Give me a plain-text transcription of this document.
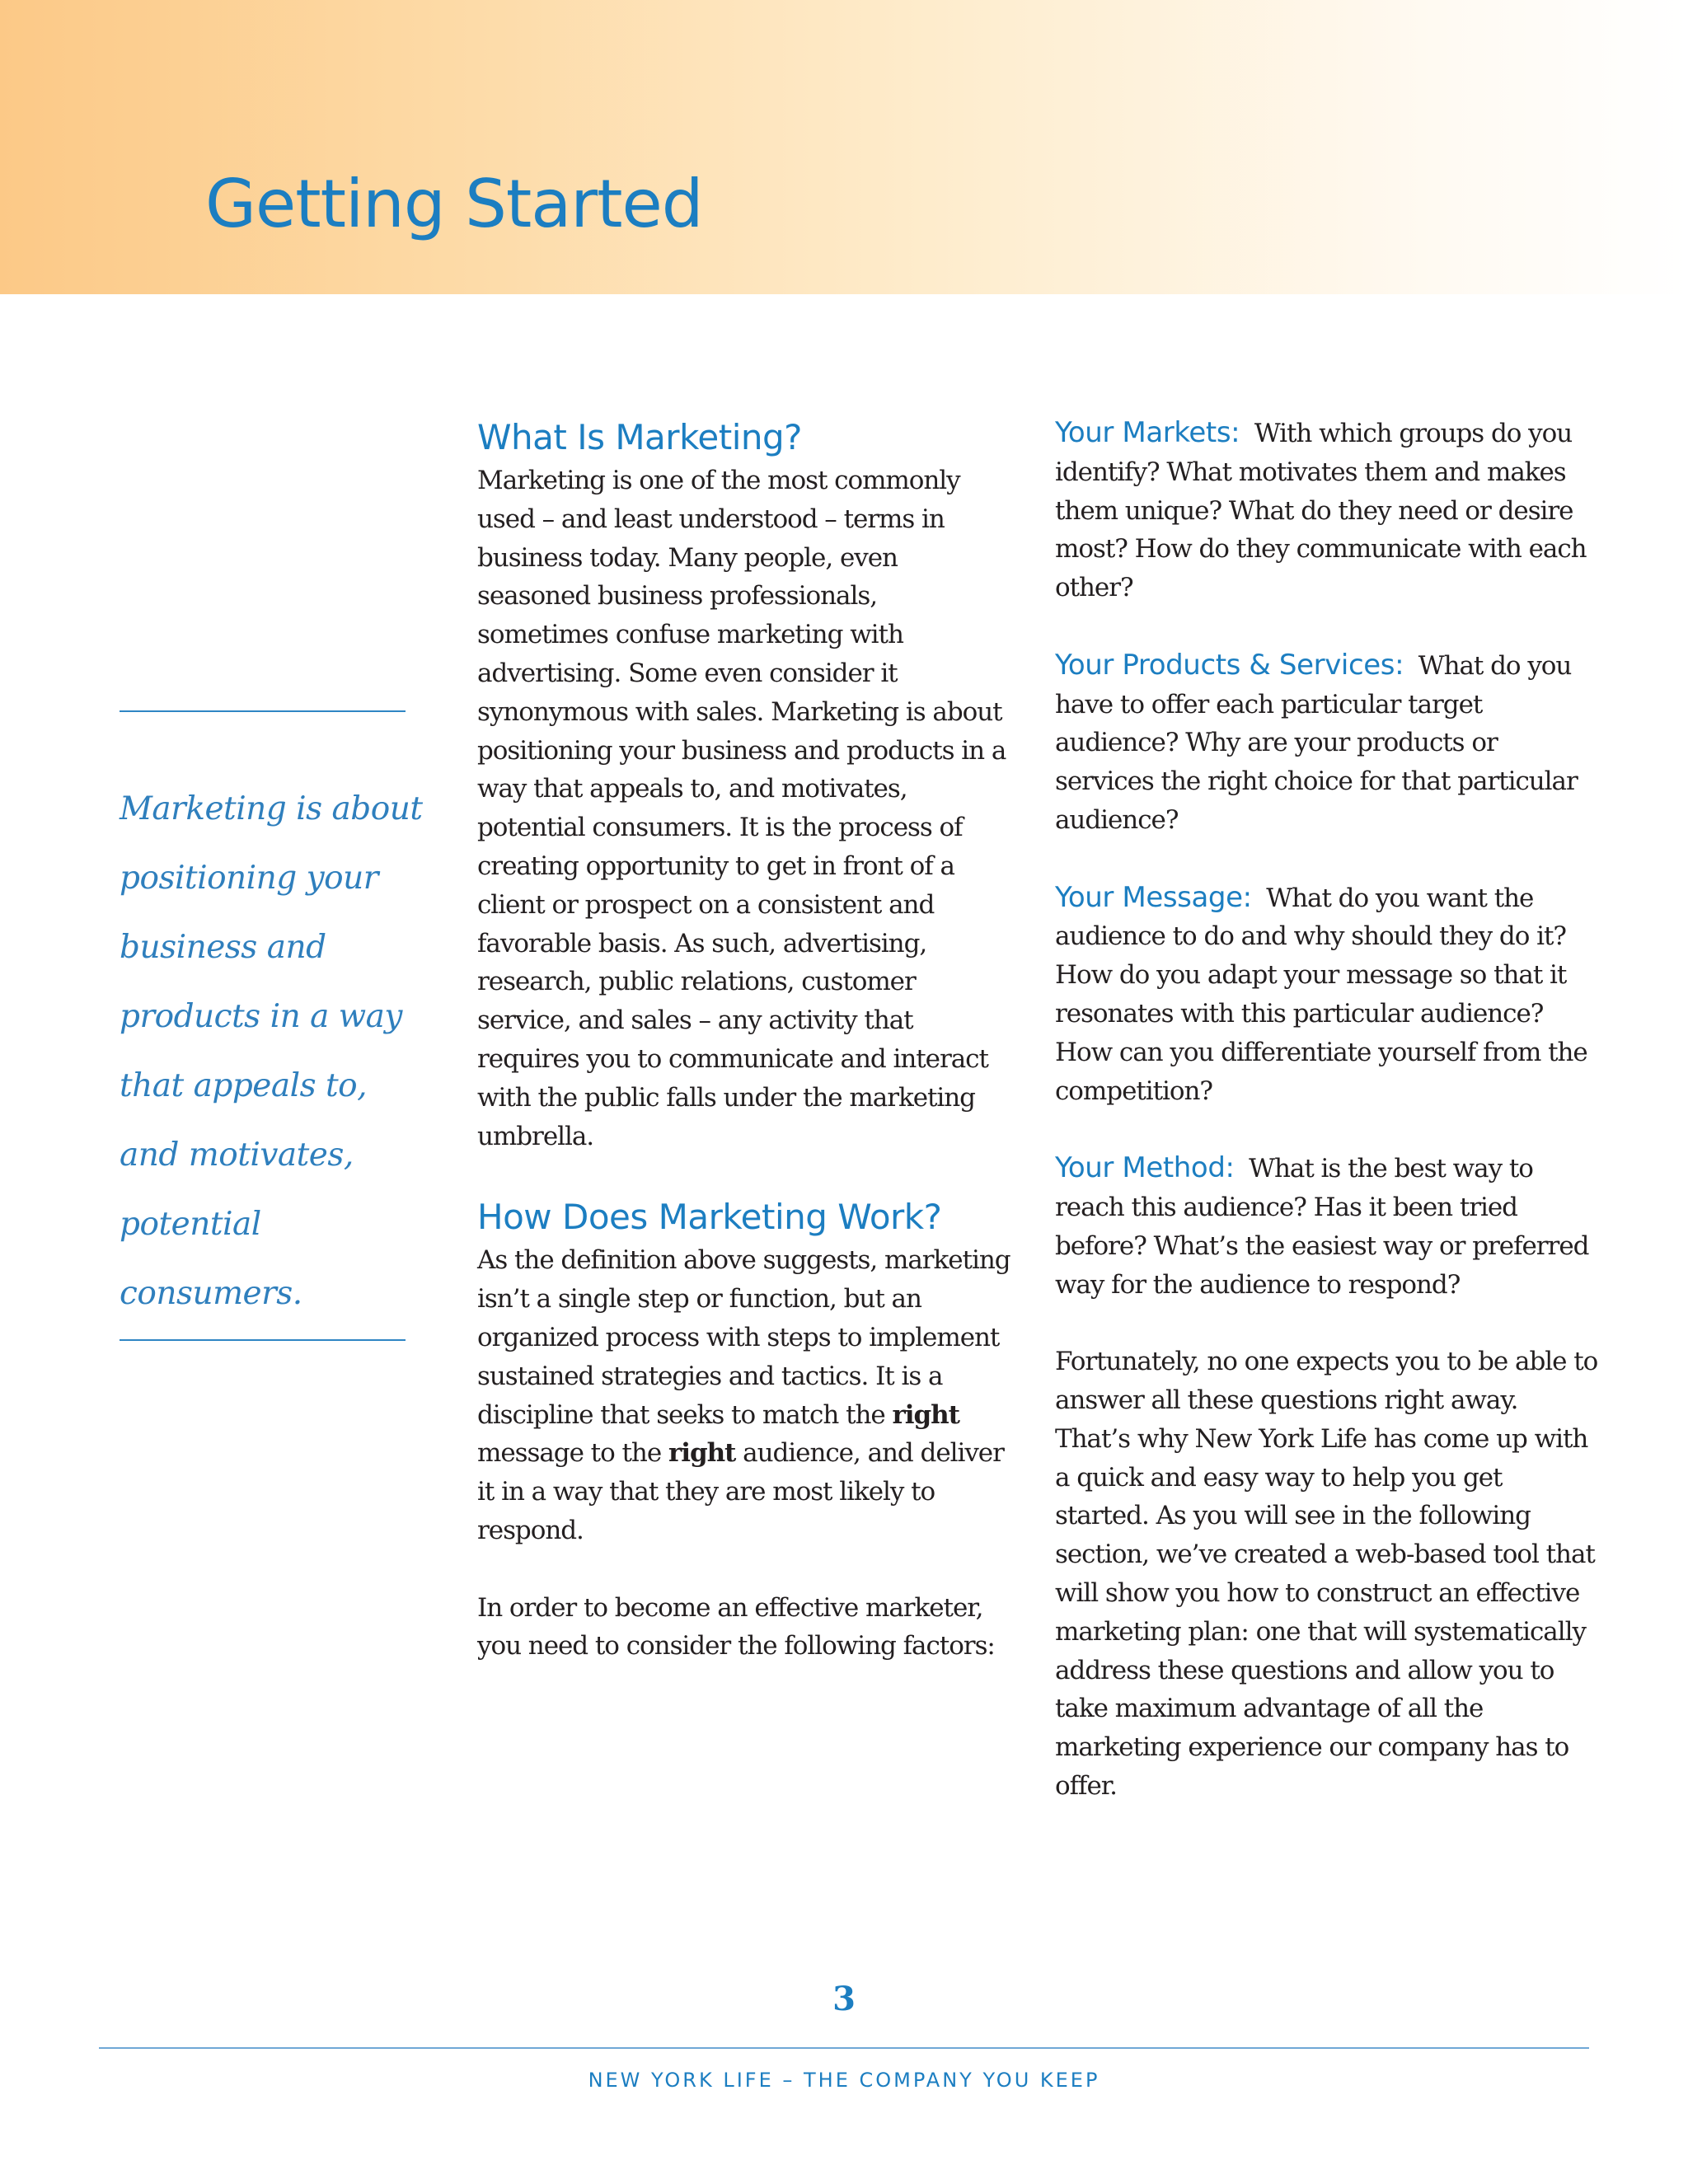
Getting Started

Marketing is about positioning your business and products in a way that appeals to, and motivates, potential consumers.

What Is Marketing?

Marketing is one of the most commonly used – and least understood – terms in business today. Many people, even seasoned business professionals, sometimes confuse marketing with advertising. Some even consider it synonymous with sales. Marketing is about positioning your business and products in a way that appeals to, and motivates, potential consumers. It is the process of creating opportunity to get in front of a client or prospect on a consistent and favorable basis. As such, advertising, research, public relations, customer service, and sales – any activity that requires you to communicate and interact with the public falls under the marketing umbrella.

How Does Marketing Work?

As the definition above suggests, marketing isn’t a single step or function, but an organized process with steps to implement sustained strategies and tactics. It is a discipline that seeks to match the right message to the right audience, and deliver it in a way that they are most likely to respond.

In order to become an effective marketer, you need to consider the following factors:

Your Markets: With which groups do you identify? What motivates them and makes them unique? What do they need or desire most? How do they communicate with each other?

Your Products & Services: What do you have to offer each particular target audience? Why are your products or services the right choice for that particular audience?

Your Message: What do you want the audience to do and why should they do it? How do you adapt your message so that it resonates with this particular audience? How can you differentiate yourself from the competition?

Your Method: What is the best way to reach this audience? Has it been tried before? What’s the easiest way or preferred way for the audience to respond?

Fortunately, no one expects you to be able to answer all these questions right away. That’s why New York Life has come up with a quick and easy way to help you get started. As you will see in the following section, we’ve created a web-based tool that will show you how to construct an effective marketing plan: one that will systematically address these questions and allow you to take maximum advantage of all the marketing experience our company has to offer.

3
NEW YORK LIFE – THE COMPANY YOU KEEP
